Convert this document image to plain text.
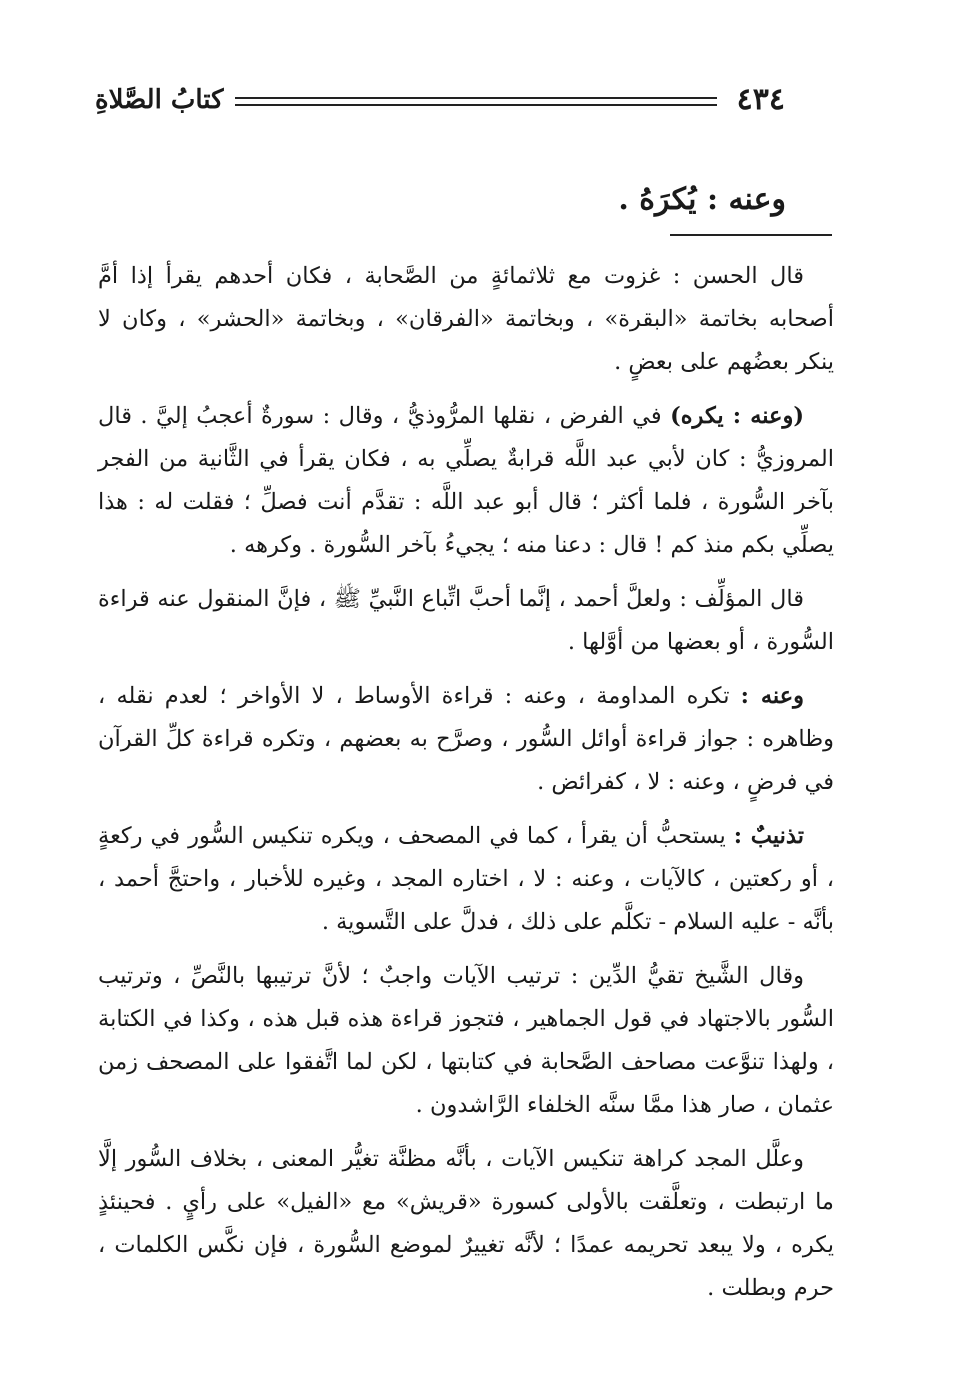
٤٣٤
كتابُ الصَّلاةِ
وعنه : يُكرَهُ .

قال الحسن : غزوت مع ثلاثمائةٍ من الصَّحابة ، فكان أحدهم يقرأ إذا أمَّ أصحابه بخاتمة «البقرة» ، وبخاتمة «الفرقان» ، وبخاتمة «الحشر» ، وكان لا ينكر بعضُهم على بعضٍ .

(وعنه : يكره) في الفرض ، نقلها المرُّوذيُّ ، وقال : سورةٌ أعجبُ إليَّ . قال المروزيُّ : كان لأبي عبد اللَّه قرابةٌ يصلِّي به ، فكان يقرأ في الثَّانية من الفجر بآخر السُّورة ، فلما أكثر ؛ قال أبو عبد اللَّه : تقدَّم أنت فصلِّ ؛ فقلت له : هذا يصلِّي بكم منذ كم ! قال : دعنا منه ؛ يجيءُ بآخر السُّورة . وكرهه .

قال المؤلِّف : ولعلَّ أحمد ، إنَّما أحبَّ اتِّباع النَّبيِّ ﷺ ، فإنَّ المنقول عنه قراءة السُّورة ، أو بعضها من أوَّلها .

وعنه : تكره المداومة ، وعنه : قراءة الأوساط ، لا الأواخر ؛ لعدم نقله ، وظاهره : جواز قراءة أوائل السُّور ، وصرَّح به بعضهم ، وتكره قراءة كلِّ القرآن في فرضٍ ، وعنه : لا ، كفرائض .

تذنيبٌ : يستحبُّ أن يقرأ ، كما في المصحف ، ويكره تنكيس السُّور في ركعةٍ ، أو ركعتين ، كالآيات ، وعنه : لا ، اختاره المجد ، وغيره للأخبار ، واحتجَّ أحمد ، بأنَّه - عليه السلام - تكلَّم على ذلك ، فدلَّ على التَّسوية .

وقال الشَّيخ تقيُّ الدِّين : ترتيب الآيات واجبٌ ؛ لأنَّ ترتيبها بالنَّصِّ ، وترتيب السُّور بالاجتهاد في قول الجماهير ، فتجوز قراءة هذه قبل هذه ، وكذا في الكتابة ، ولهذا تنوَّعت مصاحف الصَّحابة في كتابتها ، لكن لما اتَّفقوا على المصحف زمن عثمان ، صار هذا ممَّا سنَّه الخلفاء الرَّاشدون .

وعلَّل المجد كراهة تنكيس الآيات ، بأنَّه مظنَّة تغيُّر المعنى ، بخلاف السُّور إلَّا ما ارتبطت ، وتعلَّقت بالأولى كسورة «قريش» مع «الفيل» على رأيٍ . فحينئذٍ يكره ، ولا يبعد تحريمه عمدًا ؛ لأنَّه تغييرٌ لموضع السُّورة ، فإن نكَّس الكلمات ، حرم وبطلت .
